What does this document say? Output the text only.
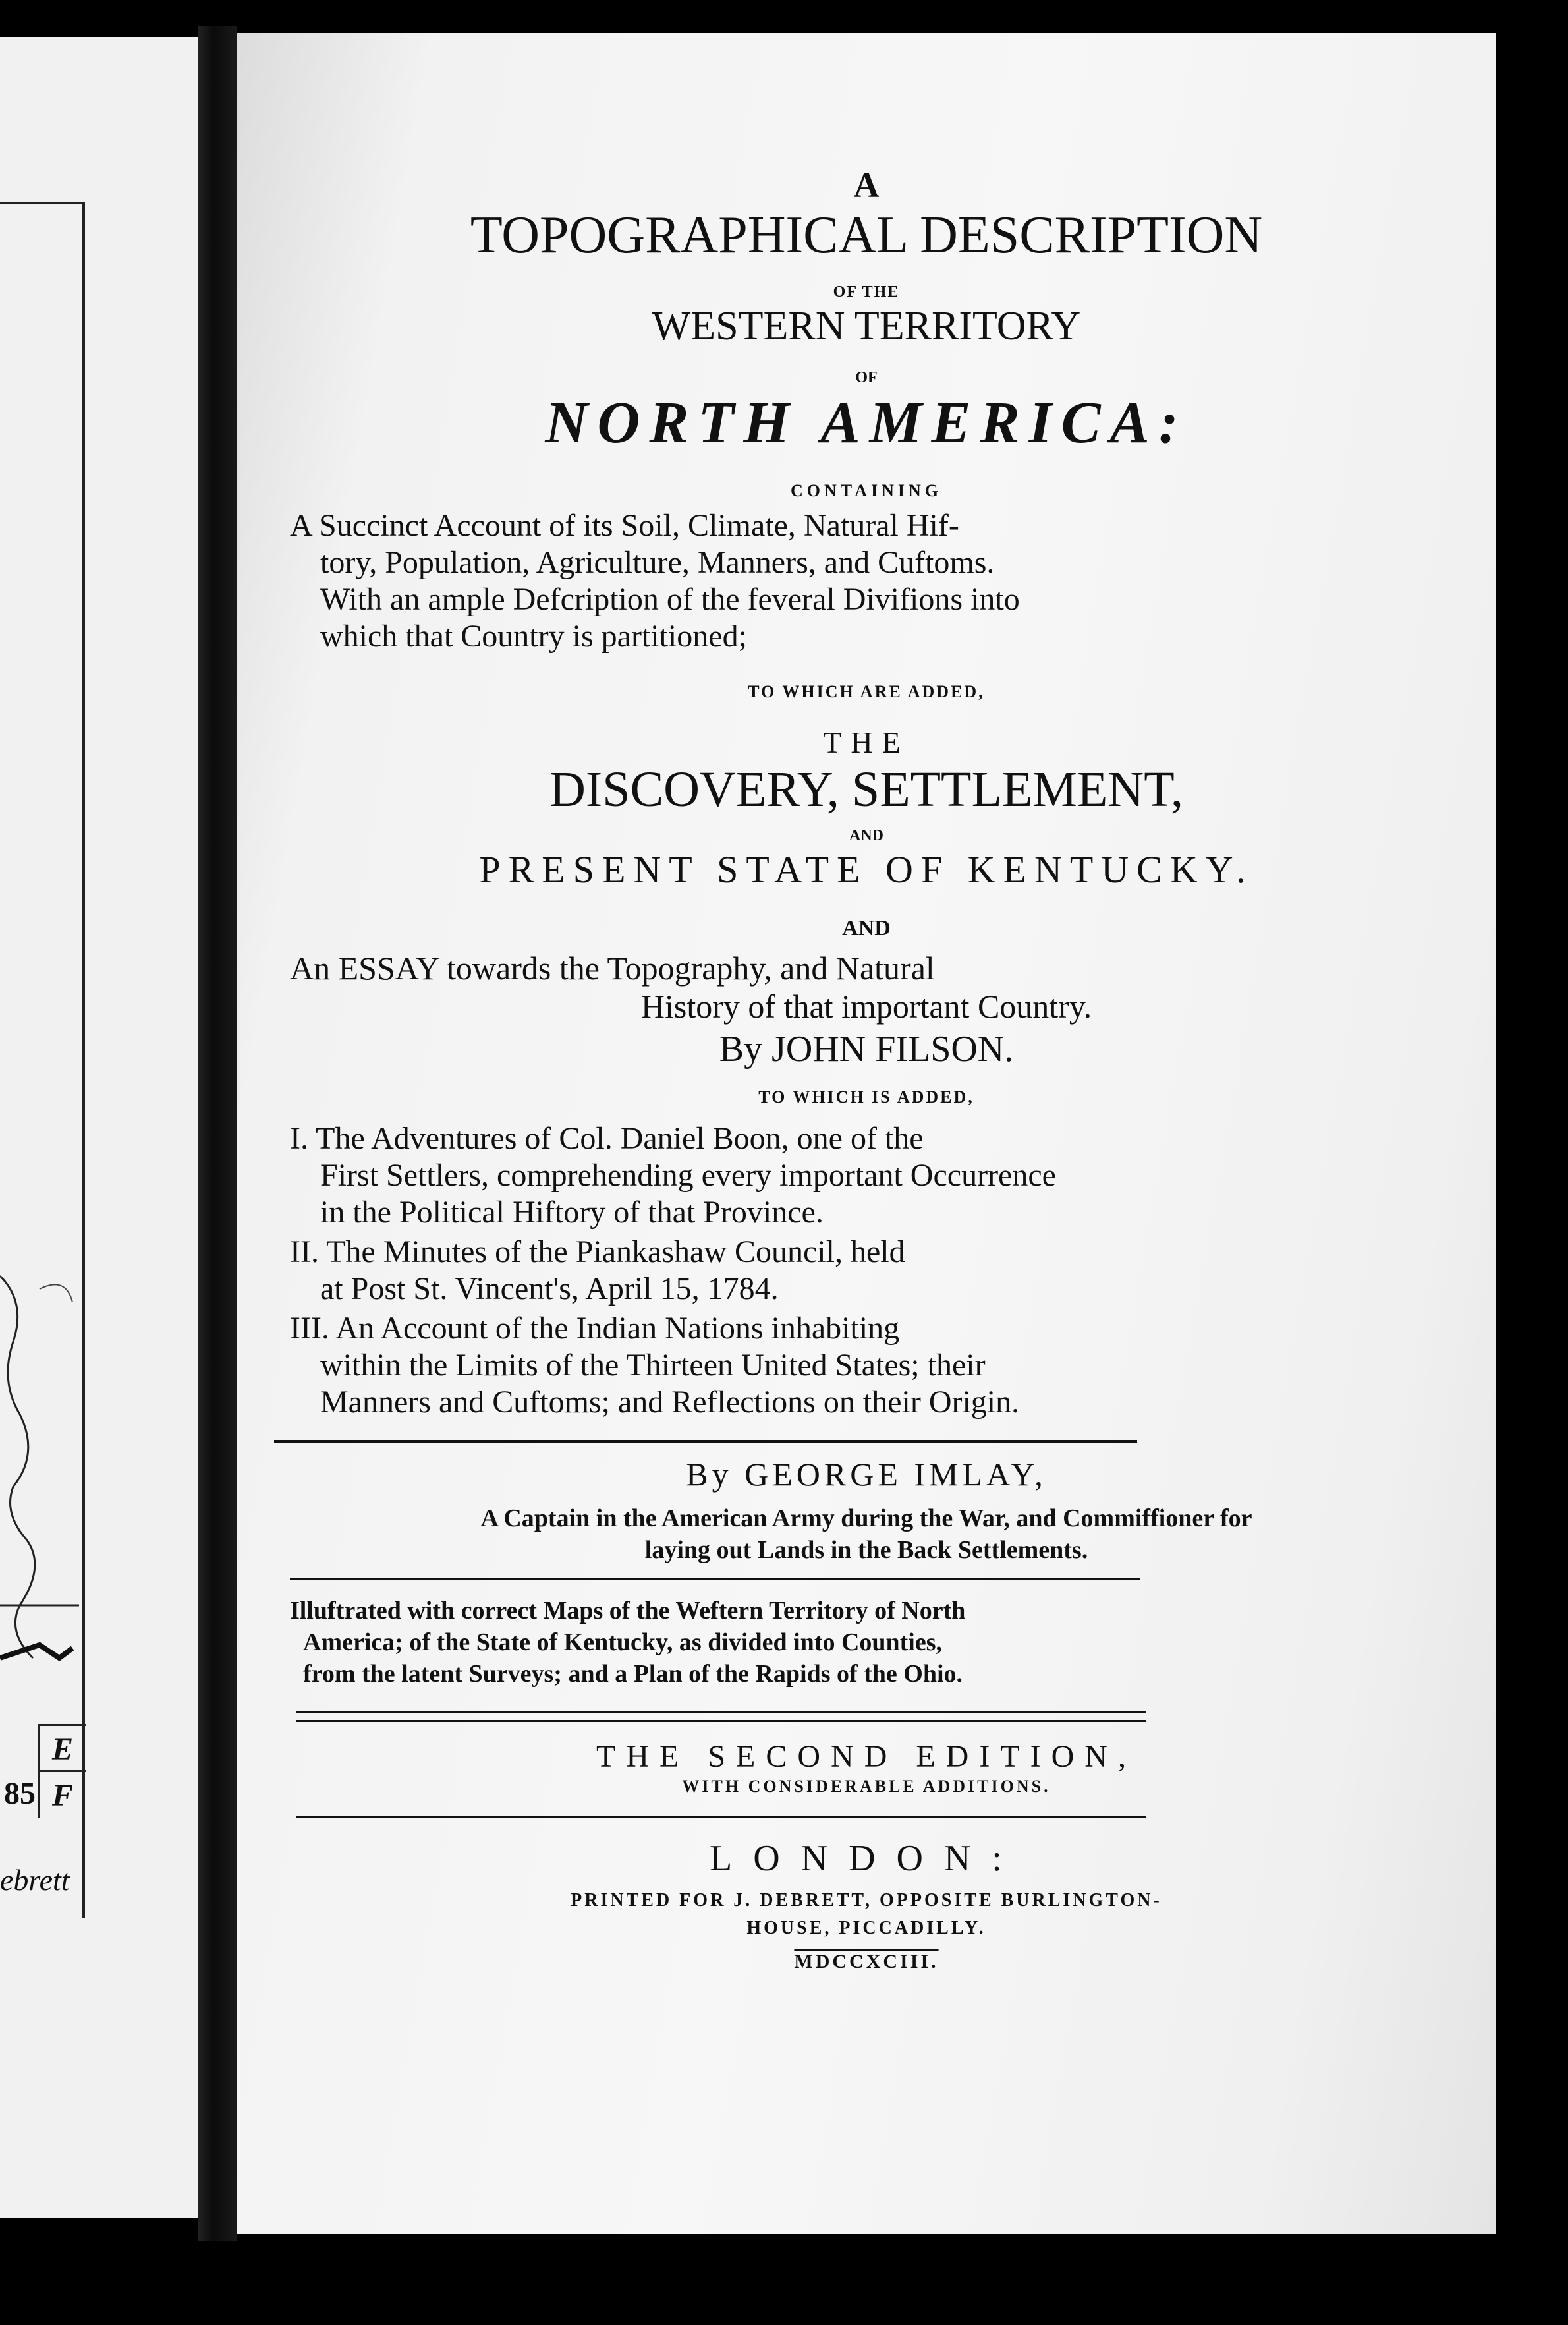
E
85 F
ebrett
A
TOPOGRAPHICAL DESCRIPTION
OF THE
WESTERN TERRITORY
OF
NORTH AMERICA:
CONTAINING
A Succinct Account of its Soil, Climate, Natural Hif-
tory, Population, Agriculture, Manners, and Cuftoms.
With an ample Defcription of the feveral Divifions into
which that Country is partitioned;
TO WHICH ARE ADDED,
THE
DISCOVERY, SETTLEMENT,
AND
PRESENT STATE OF KENTUCKY.
AND
An ESSAY towards the Topography, and Natural
History of that important Country.
By JOHN FILSON.
TO WHICH IS ADDED,
I. The Adventures of Col. Daniel Boon, one of the
First Settlers, comprehending every important Occurrence
in the Political Hiftory of that Province.
II. The Minutes of the Piankashaw Council, held
at Post St. Vincent's, April 15, 1784.
III. An Account of the Indian Nations inhabiting
within the Limits of the Thirteen United States; their
Manners and Cuftoms; and Reflections on their Origin.
By GEORGE IMLAY,
A Captain in the American Army during the War, and Commiffioner for
laying out Lands in the Back Settlements.
Illuftrated with correct Maps of the Weftern Territory of North
America; of the State of Kentucky, as divided into Counties,
from the latent Surveys; and a Plan of the Rapids of the Ohio.
THE SECOND EDITION,
WITH CONSIDERABLE ADDITIONS.
LONDON:
PRINTED FOR J. DEBRETT, OPPOSITE BURLINGTON-
HOUSE, PICCADILLY.
MDCCXCIII.
